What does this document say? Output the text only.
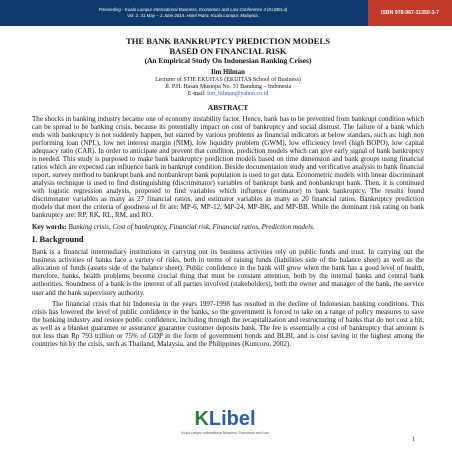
Proceeding - Kuala Lumpur International Business, Economics and Law Conference 4 (KLIBEL4)
Vol. 2. 31 May – 1 June 2014. Hotel Putra, Kuala Lumpur, Malaysia.	ISBN 978-967-11350-3-7

THE BANK BANKRUPTCY PREDICTION MODELS

BASED ON FINANCIAL RISK

(An Empirical Study On Indonesian Banking Crises)

Iim Hilman
Lecturer of STIE EKUITAS (EKUITAS School of Business)
Jl. P.H. Hasan Mustopa No. 31 Bandung – Indonesia
E-mail: iim_hilman@yahoo.co.id
ABSTRACT

The shocks in banking industry became one of economy instability factor. Hence, bank has to be prevented from bankrupt condition which can be spread to be banking crisis, because its potentially impact on cost of bankruptcy and social distrust. The failure of a bank which ends with bankruptcy is not suddenly happen, but started by various problems as financial indicators at below standars, such as: high non performing loan (NPL), low net interest margin (NIM), low liquidity problem (GWM), low efficiency level (high BOPO), low capital adequacy ratio (CAR). In order to anticipate and prevent that condition, prediction models which can give early signal of bank bankruptcy is needed. This study is purposed to make bank bankruptcy prediction models based on time dimension and bank groups using financial ratios which are expected can influence bank in bankrupt condition. Beside documentation study and verificative analysis to bank financial report, survey method to bankrupt bank and nonbankrupt bank population is used to get data. Econometric models with linear discriminant analysis technique is used to find distinguishing (discriminator) variables of bankrupt bank and nonbankrupt bank. Then, it is continued with logistic regression analysis, proposed to find variables which influence (estimator) to bank bankruptcy. The results found discriminator variables as many as 27 financial ratios, and estimator variables as many as 20 financial ratios. Bankruptcy prediction models that meet the criteria of goodness of fit are: MP-6, MP-12, MP-24, MP-BK, and MP-BB. While the dominant risk rating on bank bankruptcy are: RP, RK, RL, RM, and RO.

Key words: Banking crisis, Cost of bankruptcy, Financial risk, Financial ratios, Prediction models.
I. Background

Bank is a financial intermediary institutions in carrying out its business activities rely on public funds and trust. In carrying out the business activities of banks face a variety of risks, both in terms of raising funds (liabilities side of the balance sheet) as well as the allocation of funds (assets side of the balance sheet). Public confidence in the bank will grow when the bank has a good level of health, therefore, banks, health problems become crucial thing that must be constant attention, both by the internal banks and central bank authorities. Soundness of a bank is the interest of all parties involved (stakeholders), both the owner and manager of the bank, the service user and the bank supervisory authority.

The financial crisis that hit Indonesia in the years 1997-1998 has resulted in the decline of Indonesian banking conditions. This crisis has lowered the level of public confidence in the banks, so the government is forced to take on a range of policy measures to save the banking industry and restore public confidence, including through the recapitalization and restructuring of banks that do not cost a bit, as well as a blanket guarantee or assurance guarantee customer deposits bank. The fee is essentially a cost of bankruptcy that amount is not less than Rp 793 trillion or 75% of GDP in the form of government bonds and BLBI, and is cost saving in the highest among the countries hit by the crisis, such as Thailand, Malaysia, and the Philippines (Kuncoro, 2002).

K Libel
Kuala Lumpur International Business, Economics and Law
1
